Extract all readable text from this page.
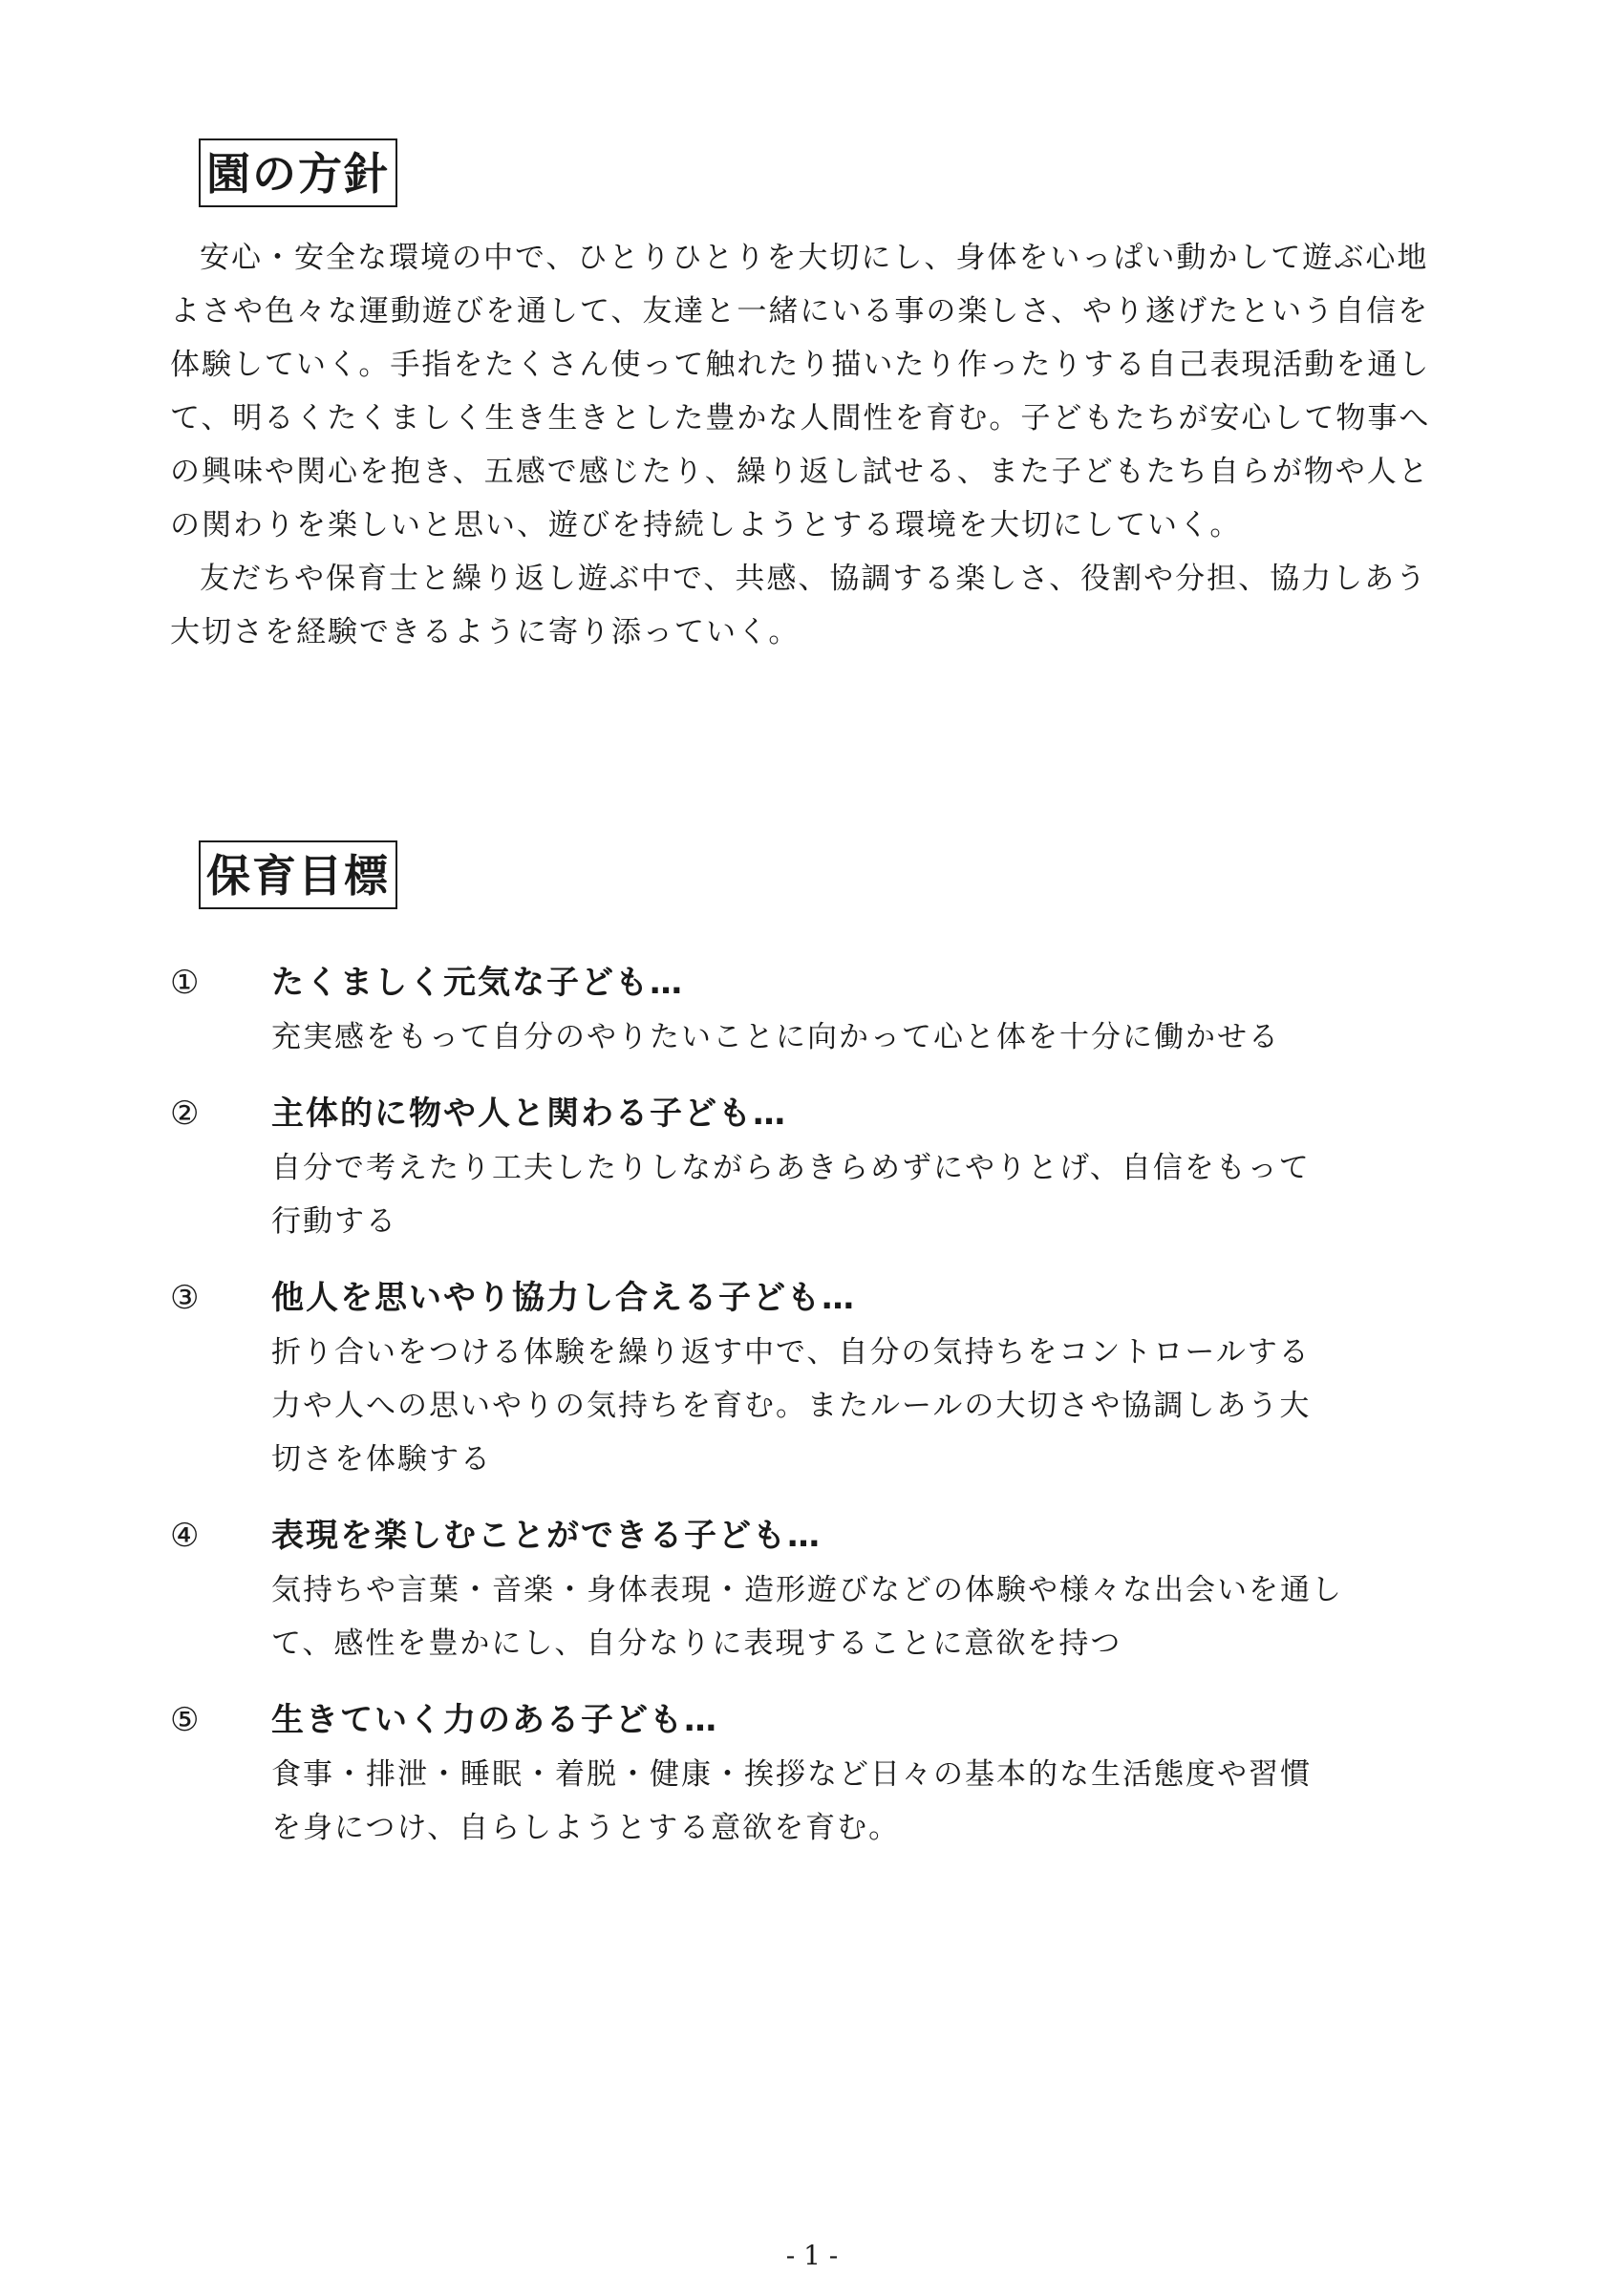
園の方針

安心・安全な環境の中で、ひとりひとりを大切にし、身体をいっぱい動かして遊ぶ心地よさや色々な運動遊びを通して、友達と一緒にいる事の楽しさ、やり遂げたという自信を体験していく。手指をたくさん使って触れたり描いたり作ったりする自己表現活動を通して、明るくたくましく生き生きとした豊かな人間性を育む。子どもたちが安心して物事への興味や関心を抱き、五感で感じたり、繰り返し試せる、また子どもたち自らが物や人との関わりを楽しいと思い、遊びを持続しようとする環境を大切にしていく。

友だちや保育士と繰り返し遊ぶ中で、共感、協調する楽しさ、役割や分担、協力しあう大切さを経験できるように寄り添っていく。

保育目標
①	たくましく元気な子ども…
充実感をもって自分のやりたいことに向かって心と体を十分に働かせる
②	主体的に物や人と関わる子ども…
自分で考えたり工夫したりしながらあきらめずにやりとげ、自信をもって
行動する
③	他人を思いやり協力し合える子ども…
折り合いをつける体験を繰り返す中で、自分の気持ちをコントロールする
力や人への思いやりの気持ちを育む。またルールの大切さや協調しあう大
切さを体験する
④	表現を楽しむことができる子ども…
気持ちや言葉・音楽・身体表現・造形遊びなどの体験や様々な出会いを通し
て、感性を豊かにし、自分なりに表現することに意欲を持つ
⑤	生きていく力のある子ども…
食事・排泄・睡眠・着脱・健康・挨拶など日々の基本的な生活態度や習慣
を身につけ、自らしようとする意欲を育む。
- 1 -
